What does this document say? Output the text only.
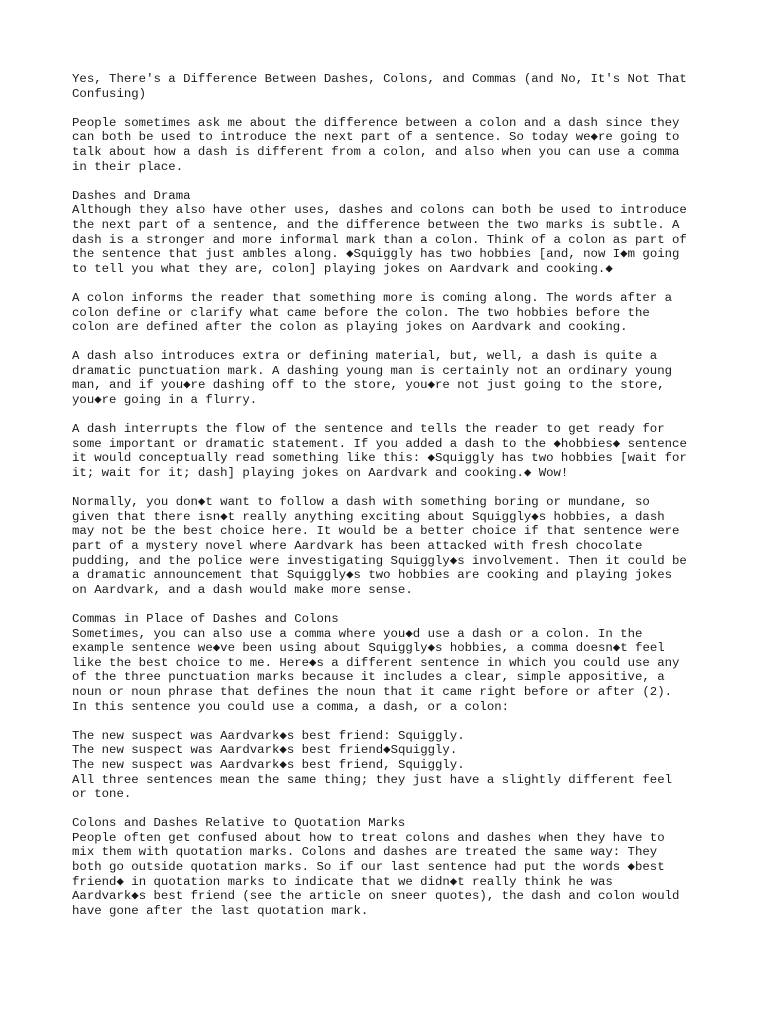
Yes, There's a Difference Between Dashes, Colons, and Commas (and No, It's Not That
Confusing)
People sometimes ask me about the difference between a colon and a dash since they
can both be used to introduce the next part of a sentence. So today we◆re going to
talk about how a dash is different from a colon, and also when you can use a comma
in their place.
Dashes and Drama
Although they also have other uses, dashes and colons can both be used to introduce
the next part of a sentence, and the difference between the two marks is subtle. A
dash is a stronger and more informal mark than a colon. Think of a colon as part of
the sentence that just ambles along. ◆Squiggly has two hobbies [and, now I◆m going
to tell you what they are, colon] playing jokes on Aardvark and cooking.◆
A colon informs the reader that something more is coming along. The words after a
colon define or clarify what came before the colon. The two hobbies before the
colon are defined after the colon as playing jokes on Aardvark and cooking.
A dash also introduces extra or defining material, but, well, a dash is quite a
dramatic punctuation mark. A dashing young man is certainly not an ordinary young
man, and if you◆re dashing off to the store, you◆re not just going to the store,
you◆re going in a flurry.
A dash interrupts the flow of the sentence and tells the reader to get ready for
some important or dramatic statement. If you added a dash to the ◆hobbies◆ sentence
it would conceptually read something like this: ◆Squiggly has two hobbies [wait for
it; wait for it; dash] playing jokes on Aardvark and cooking.◆ Wow!
Normally, you don◆t want to follow a dash with something boring or mundane, so
given that there isn◆t really anything exciting about Squiggly◆s hobbies, a dash
may not be the best choice here. It would be a better choice if that sentence were
part of a mystery novel where Aardvark has been attacked with fresh chocolate
pudding, and the police were investigating Squiggly◆s involvement. Then it could be
a dramatic announcement that Squiggly◆s two hobbies are cooking and playing jokes
on Aardvark, and a dash would make more sense.
Commas in Place of Dashes and Colons
Sometimes, you can also use a comma where you◆d use a dash or a colon. In the
example sentence we◆ve been using about Squiggly◆s hobbies, a comma doesn◆t feel
like the best choice to me. Here◆s a different sentence in which you could use any
of the three punctuation marks because it includes a clear, simple appositive, a
noun or noun phrase that defines the noun that it came right before or after (2).
In this sentence you could use a comma, a dash, or a colon:
The new suspect was Aardvark◆s best friend: Squiggly.
The new suspect was Aardvark◆s best friend◆Squiggly.
The new suspect was Aardvark◆s best friend, Squiggly.
All three sentences mean the same thing; they just have a slightly different feel
or tone.
Colons and Dashes Relative to Quotation Marks
People often get confused about how to treat colons and dashes when they have to
mix them with quotation marks. Colons and dashes are treated the same way: They
both go outside quotation marks. So if our last sentence had put the words ◆best
friend◆ in quotation marks to indicate that we didn◆t really think he was
Aardvark◆s best friend (see the article on sneer quotes), the dash and colon would
have gone after the last quotation mark.
